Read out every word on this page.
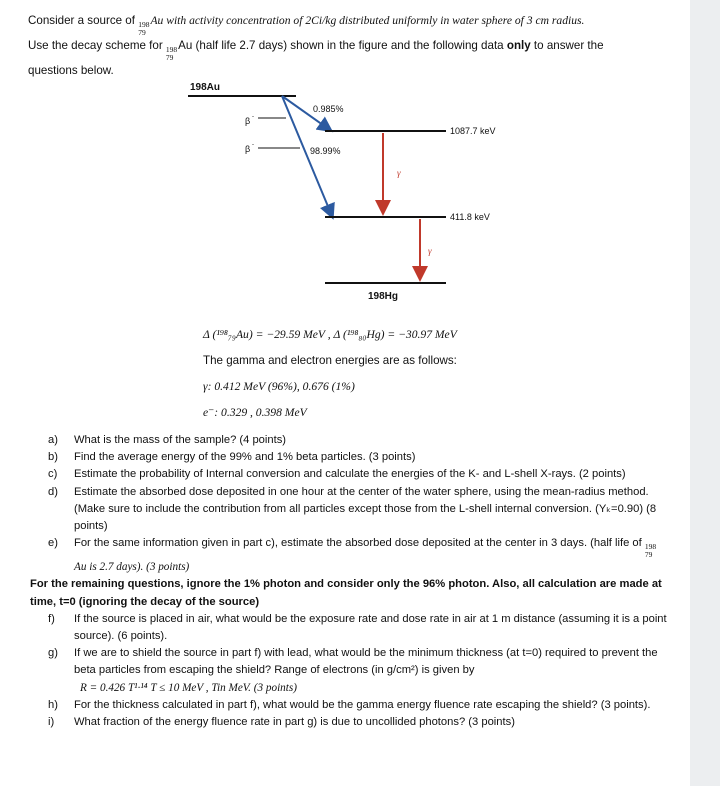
Consider a source of 198
79
Au with activity concentration of 2Ci/kg distributed uniformly in water sphere of 3 cm radius.
Use the decay scheme for 198
79
Au (half life 2.7 days) shown in the figure and the following data only to answer the
questions below.
198Au
β -
β -
0.985%
98.99%
1087.7 keV
γ
411.8 keV
γ
198Hg
Δ (¹⁹⁸₇₉Au) = −29.59 MeV , Δ (¹⁹⁸₈₀Hg) = −30.97 MeV
The gamma and electron energies are as follows:
γ: 0.412 MeV (96%), 0.676 (1%)
e⁻: 0.329 , 0.398 MeV
a) What is the mass of the sample? (4 points)
b) Find the average energy of the 99% and 1% beta particles. (3 points)
c) Estimate the probability of Internal conversion and calculate the energies of the K- and L-shell X-rays. (2 points)
d) Estimate the absorbed dose deposited in one hour at the center of the water sphere, using the mean-radius method. (Make sure to include the contribution from all particles except those from the L-shell internal conversion. (Yₖ=0.90) (8 points)
e) For the same information given in part c), estimate the absorbed dose deposited at the center in 3 days. (half life of 198
79
Au is 2.7 days). (3 points)
For the remaining questions, ignore the 1% photon and consider only the 96% photon. Also, all calculation are made at time, t=0 (ignoring the decay of the source)
f) If the source is placed in air, what would be the exposure rate and dose rate in air at 1 m distance (assuming it is a point source). (6 points).
g) If we are to shield the source in part f) with lead, what would be the minimum thickness (at t=0) required to prevent the beta particles from escaping the shield? Range of electrons (in g/cm²) is given by
R = 0.426 T¹·¹⁴ T ≤ 10 MeV , Tin MeV. (3 points)
h) For the thickness calculated in part f), what would be the gamma energy fluence rate escaping the shield? (3 points).
i) What fraction of the energy fluence rate in part g) is due to uncollided photons? (3 points)
